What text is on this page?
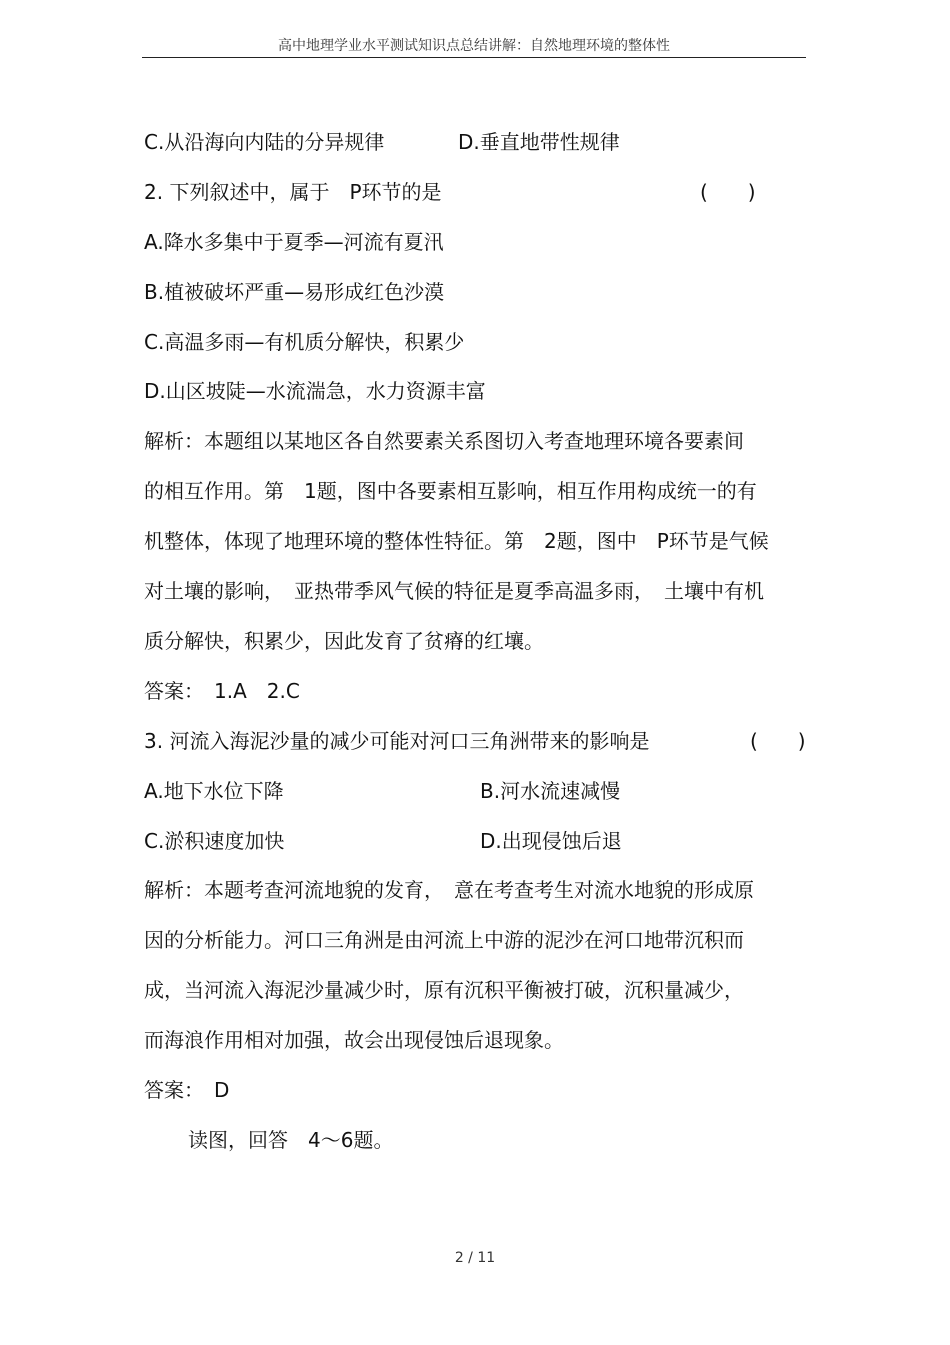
高中地理学业水平测试知识点总结讲解：自然地理环境的整体性
C.从沿海向内陆的分异规律	D.垂直地带性规律
2. 下列叙述中，属于　P环节的是	(　　)
A.降水多集中于夏季—河流有夏汛
B.植被破坏严重—易形成红色沙漠
C.高温多雨—有机质分解快，积累少
D.山区坡陡—水流湍急，水力资源丰富
解析：本题组以某地区各自然要素关系图切入考查地理环境各要素间
的相互作用。第　1题，图中各要素相互影响，相互作用构成统一的有
机整体，体现了地理环境的整体性特征。第　2题，图中　P环节是气候
对土壤的影响，　亚热带季风气候的特征是夏季高温多雨，　土壤中有机
质分解快，积累少，因此发育了贫瘠的红壤。
答案：　1.A　2.C
3. 河流入海泥沙量的减少可能对河口三角洲带来的影响是	(　　)
A.地下水位下降	B.河水流速减慢
C.淤积速度加快	D.出现侵蚀后退
解析：本题考查河流地貌的发育，　意在考查考生对流水地貌的形成原
因的分析能力。河口三角洲是由河流上中游的泥沙在河口地带沉积而
成，当河流入海泥沙量减少时，原有沉积平衡被打破，沉积量减少，
而海浪作用相对加强，故会出现侵蚀后退现象。
答案：　D
读图，回答　4～6题。
2 / 11
